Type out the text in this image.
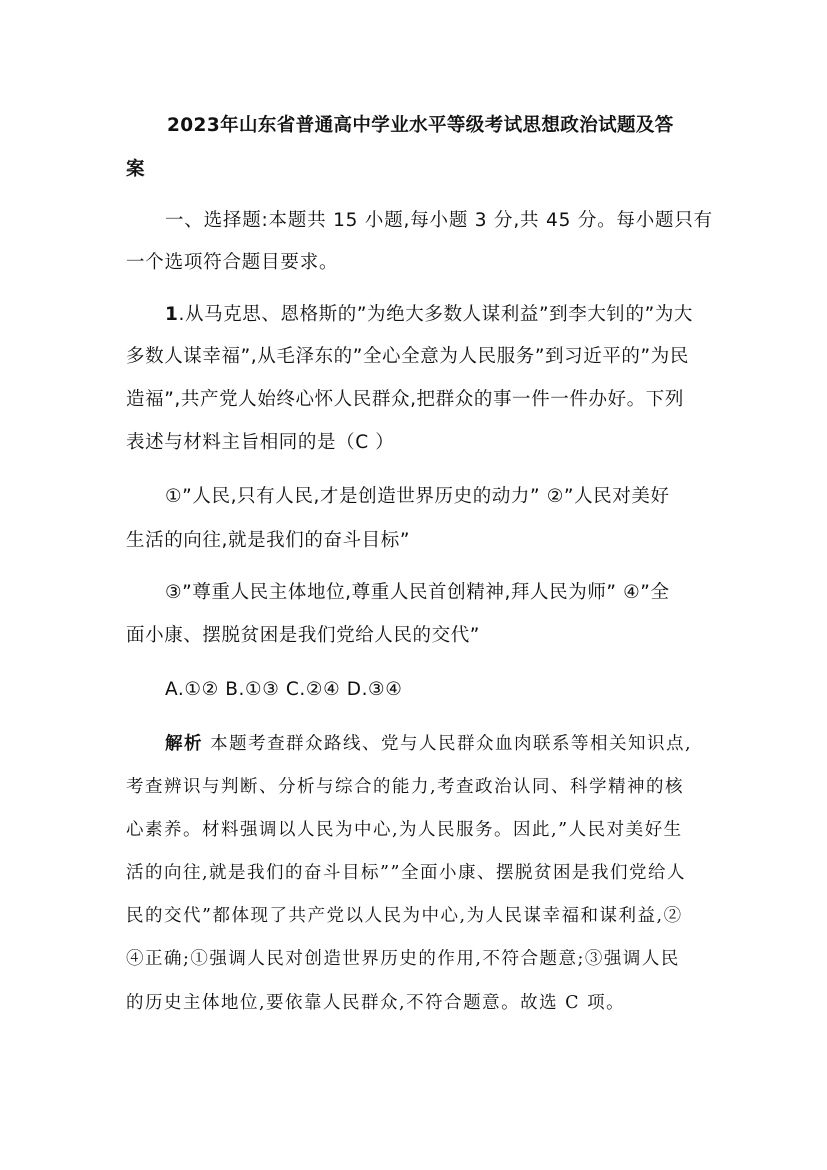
2023年山东省普通高中学业水平等级考试思想政治试题及答
案
一、选择题:本题共 15 小题,每小题 3 分,共 45 分。每小题只有
一个选项符合题目要求。
1.从马克思、恩格斯的”为绝大多数人谋利益”到李大钊的”为大
多数人谋幸福”,从毛泽东的”全心全意为人民服务”到习近平的”为民
造福”,共产党人始终心怀人民群众,把群众的事一件一件办好。下列
表述与材料主旨相同的是（C ）
①”人民,只有人民,才是创造世界历史的动力” ②”人民对美好
生活的向往,就是我们的奋斗目标”
③”尊重人民主体地位,尊重人民首创精神,拜人民为师” ④”全
面小康、摆脱贫困是我们党给人民的交代”
A.①② B.①③ C.②④ D.③④
解析 本题考查群众路线、党与人民群众血肉联系等相关知识点,
考查辨识与判断、分析与综合的能力,考查政治认同、科学精神的核
心素养。材料强调以人民为中心,为人民服务。因此,”人民对美好生
活的向往,就是我们的奋斗目标””全面小康、摆脱贫困是我们党给人
民的交代”都体现了共产党以人民为中心,为人民谋幸福和谋利益,②
④正确;①强调人民对创造世界历史的作用,不符合题意;③强调人民
的历史主体地位,要依靠人民群众,不符合题意。故选 C 项。
